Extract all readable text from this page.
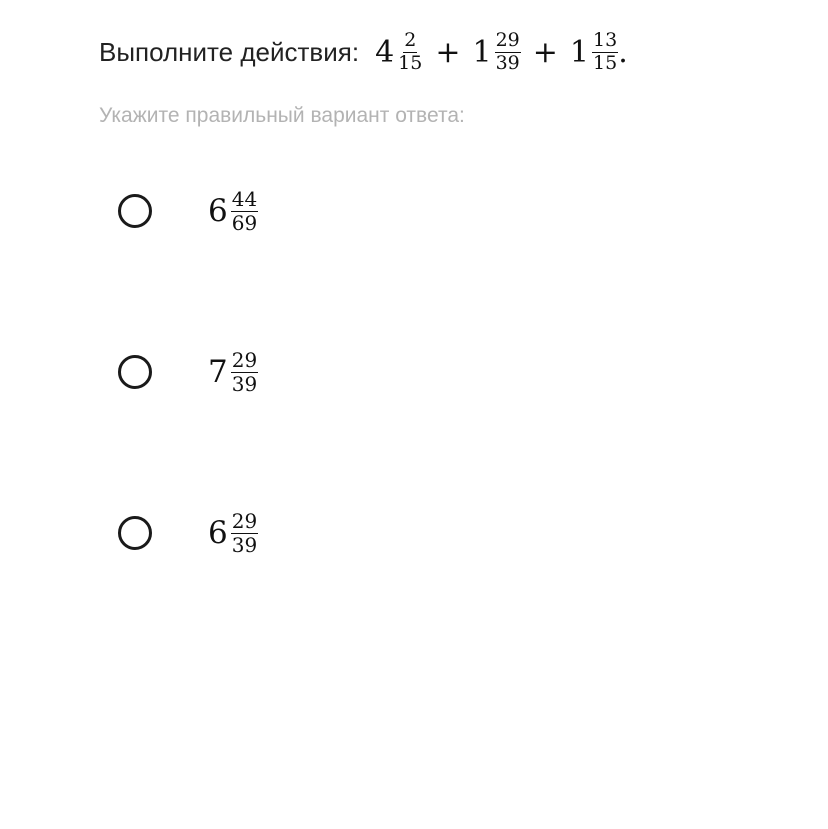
Выполните действия: $4 \frac{2}{15} + 1 \frac{29}{39} + 1 \frac{13}{15}$ .
Укажите правильный вариант ответа:
$6 \frac{44}{69}$
$7 \frac{29}{39}$
$6 \frac{29}{39}$
